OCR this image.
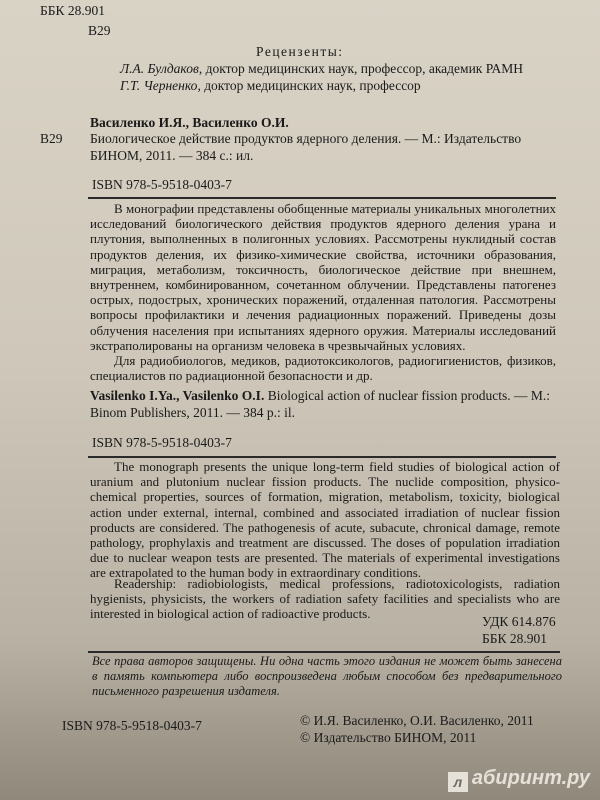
ББК 28.901
В29
Рецензенты:
Л.А. Булдаков, доктор медицинских наук, профессор, академик РАМН
Г.Т. Черненко, доктор медицинских наук, профессор
Василенко И.Я., Василенко О.И.
В29 Биологическое действие продуктов ядерного деления. — М.: Издательство
БИНОМ, 2011. — 384 с.: ил.
ISBN 978-5-9518-0403-7
В монографии представлены обобщенные материалы уникальных многолетних исследований биологического действия продуктов ядерного деления урана и плутония, выполненных в полигонных условиях. Рассмотрены нуклидный состав продуктов деления, их физико-химические свойства, источники образования, миграция, метаболизм, токсичность, биологическое действие при внешнем, внутреннем, комбинированном, сочетанном облучении. Представлены патогенез острых, подострых, хронических поражений, отдаленная патология. Рассмотрены вопросы профилактики и лечения радиационных поражений. Приведены дозы облучения населения при испытаниях ядерного оружия. Материалы исследований экстраполированы на организм человека в чрезвычайных условиях.
Для радиобиологов, медиков, радиотоксикологов, радиогигиенистов, физиков, специалистов по радиационной безопасности и др.
Vasilenko I.Ya., Vasilenko O.I. Biological action of nuclear fission products. — M.:
Binom Publishers, 2011. — 384 p.: il.
ISBN 978-5-9518-0403-7
The monograph presents the unique long-term field studies of biological action of uranium and plutonium nuclear fission products. The nuclide composition, physico-chemical properties, sources of formation, migration, metabolism, toxicity, biological action under external, internal, combined and associated irradiation of nuclear fission products are considered. The pathogenesis of acute, subacute, chronical damage, remote pathology, prophylaxis and treatment are discussed. The doses of population irradiation due to nuclear weapon tests are presented. The materials of experimental investigations are extrapolated to the human body in extraordinary conditions.
Readership: radiobiologists, medical professions, radiotoxicologists, radiation hygienists, physicists, the workers of radiation safety facilities and specialists who are interested in biological action of radioactive products.
УДК 614.876
ББК 28.901
Все права авторов защищены. Ни одна часть этого издания не может быть занесена в память компьютера либо воспроизведена любым способом без предварительного письменного разрешения издателя.
ISBN 978-5-9518-0403-7	© И.Я. Василенко, О.И. Василенко, 2011
© Издательство БИНОМ, 2011
л абиринт.ру
